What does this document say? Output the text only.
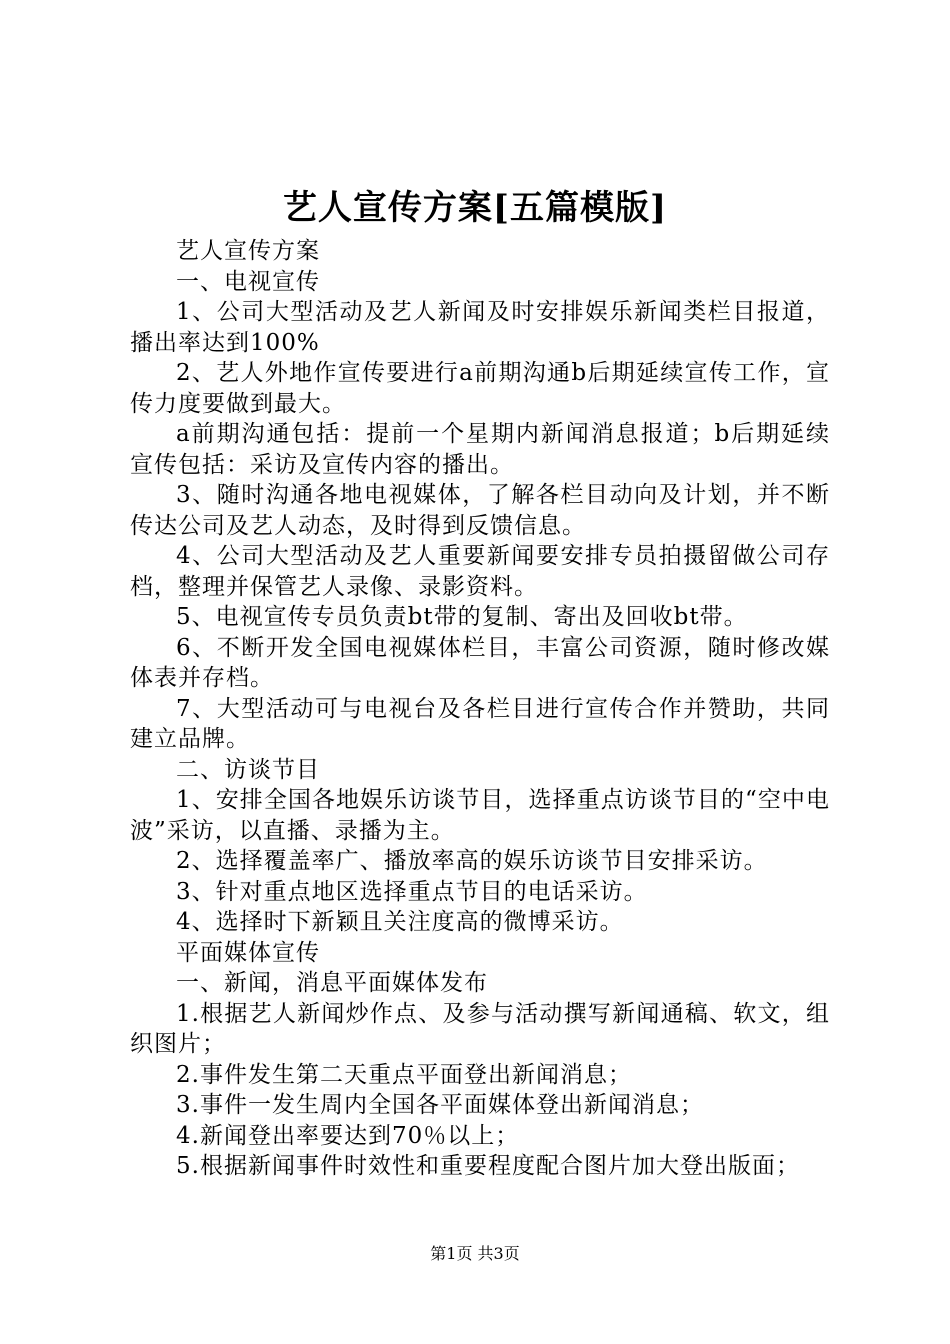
艺人宣传方案[五篇模版]

艺人宣传方案

一、电视宣传

1、公司大型活动及艺人新闻及时安排娱乐新闻类栏目报道，播出率达到100%

2、艺人外地作宣传要进行a前期沟通b后期延续宣传工作，宣传力度要做到最大。

a前期沟通包括：提前一个星期内新闻消息报道；b后期延续宣传包括：采访及宣传内容的播出。

3、随时沟通各地电视媒体，了解各栏目动向及计划，并不断传达公司及艺人动态，及时得到反馈信息。

4、公司大型活动及艺人重要新闻要安排专员拍摄留做公司存档，整理并保管艺人录像、录影资料。

5、电视宣传专员负责bt带的复制、寄出及回收bt带。

6、不断开发全国电视媒体栏目，丰富公司资源，随时修改媒体表并存档。

7、大型活动可与电视台及各栏目进行宣传合作并赞助，共同建立品牌。

二、访谈节目

1、安排全国各地娱乐访谈节目，选择重点访谈节目的“空中电波”采访，以直播、录播为主。

2、选择覆盖率广、播放率高的娱乐访谈节目安排采访。

3、针对重点地区选择重点节目的电话采访。

4、选择时下新颖且关注度高的微博采访。

平面媒体宣传

一、新闻，消息平面媒体发布

1.根据艺人新闻炒作点、及参与活动撰写新闻通稿、软文，组织图片；

2.事件发生第二天重点平面登出新闻消息；

3.事件一发生周内全国各平面媒体登出新闻消息；

4.新闻登出率要达到70％以上；

5.根据新闻事件时效性和重要程度配合图片加大登出版面；

第1页 共3页
